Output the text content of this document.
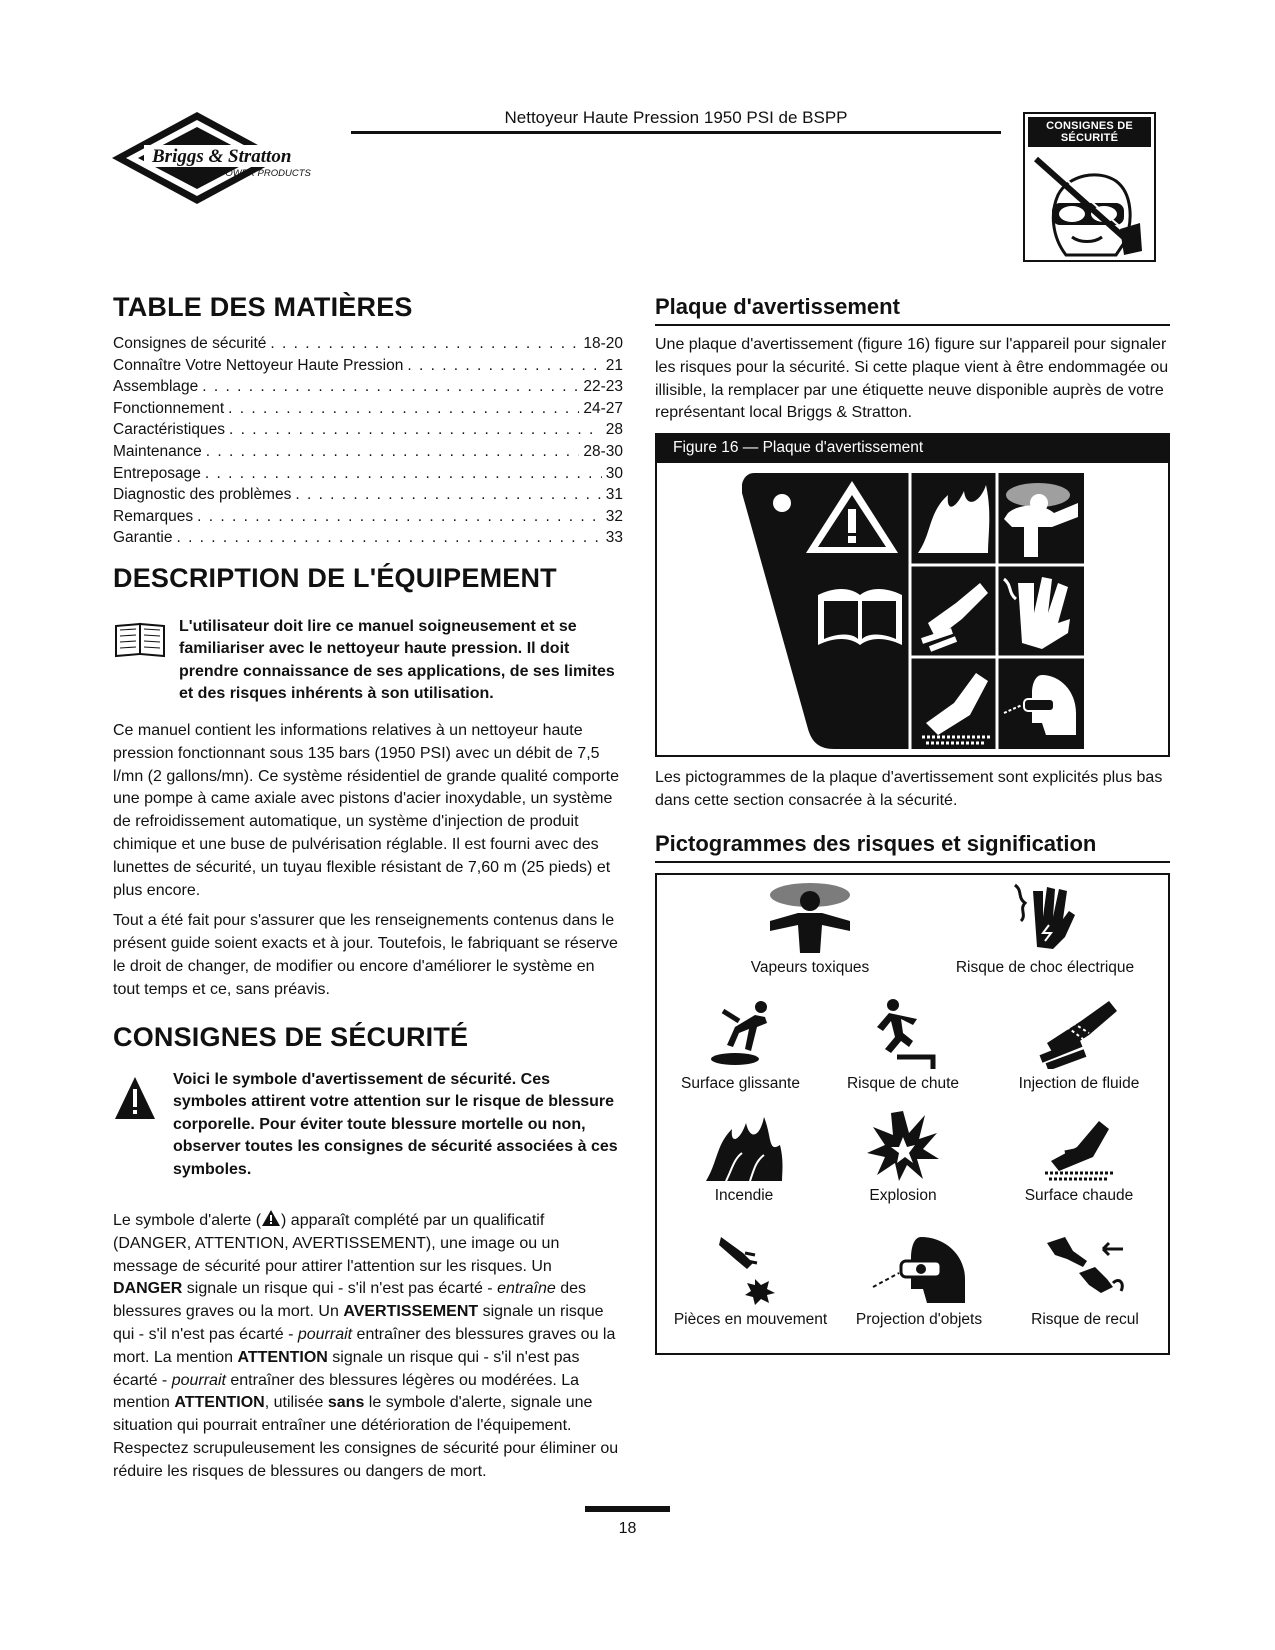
Briggs & Stratton
POWER PRODUCTS
Nettoyeur Haute Pression 1950 PSI de BSPP	CONSIGNES DE SÉCURITÉ
TABLE DES MATIÈRES
Consignes de sécurité . . .	18-20
Connaître Votre Nettoyeur Haute Pression . . .	21
Assemblage . . .	22-23
Fonctionnement . . .	24-27
Caractéristiques . . .	28
Maintenance . . .	28-30
Entreposage . . .	30
Diagnostic des problèmes . . .	31
Remarques . . .	32
Garantie . . .	33
DESCRIPTION DE L'ÉQUIPEMENT

L'utilisateur doit lire ce manuel soigneusement et se familiariser avec le nettoyeur haute pression. Il doit prendre connaissance de ses applications, de ses limites et des risques inhérents à son utilisation.

Ce manuel contient les informations relatives à un nettoyeur haute pression fonctionnant sous 135 bars (1950 PSI) avec un débit de 7,5 l/mn (2 gallons/mn). Ce système résidentiel de grande qualité comporte une pompe à came axiale avec pistons d'acier inoxydable, un système de refroidissement automatique, un système d'injection de produit chimique et une buse de pulvérisation réglable. Il est fourni avec des lunettes de sécurité, un tuyau flexible résistant de 7,60 m (25 pieds) et plus encore.

Tout a été fait pour s'assurer que les renseignements contenus dans le présent guide soient exacts et à jour. Toutefois, le fabriquant se réserve le droit de changer, de modifier ou encore d'améliorer le système en tout temps et ce, sans préavis.

CONSIGNES DE SÉCURITÉ

Voici le symbole d'avertissement de sécurité. Ces symboles attirent votre attention sur le risque de blessure corporelle. Pour éviter toute blessure mortelle ou non, observer toutes les consignes de sécurité associées à ces symboles.

Le symbole d'alerte ( ) apparaît complété par un qualificatif (DANGER, ATTENTION, AVERTISSEMENT), une image ou un message de sécurité pour attirer l'attention sur les risques. Un DANGER signale un risque qui - s'il n'est pas écarté - entraîne des blessures graves ou la mort. Un AVERTISSEMENT signale un risque qui - s'il n'est pas écarté - pourrait entraîner des blessures graves ou la mort. La mention ATTENTION signale un risque qui - s'il n'est pas écarté - pourrait entraîner des blessures légères ou modérées. La mention ATTENTION, utilisée sans le symbole d'alerte, signale une situation qui pourrait entraîner une détérioration de l'équipement. Respectez scrupuleusement les consignes de sécurité pour éliminer ou réduire les risques de blessures ou dangers de mort.

Plaque d'avertissement

Une plaque d'avertissement (figure 16) figure sur l'appareil pour signaler les risques pour la sécurité. Si cette plaque vient à être endommagée ou illisible, la remplacer par une étiquette neuve disponible auprès de votre représentant local Briggs & Stratton.

Figure 16 — Plaque d'avertissement

Les pictogrammes de la plaque d'avertissement sont explicités plus bas dans cette section consacrée à la sécurité.

Pictogrammes des risques et signification
Vapeurs toxiques	Risque de choc électrique
Surface glissante	Risque de chute	Injection de fluide
Incendie	Explosion	Surface chaude
Pièces en mouvement	Projection d'objets	Risque de recul
18
